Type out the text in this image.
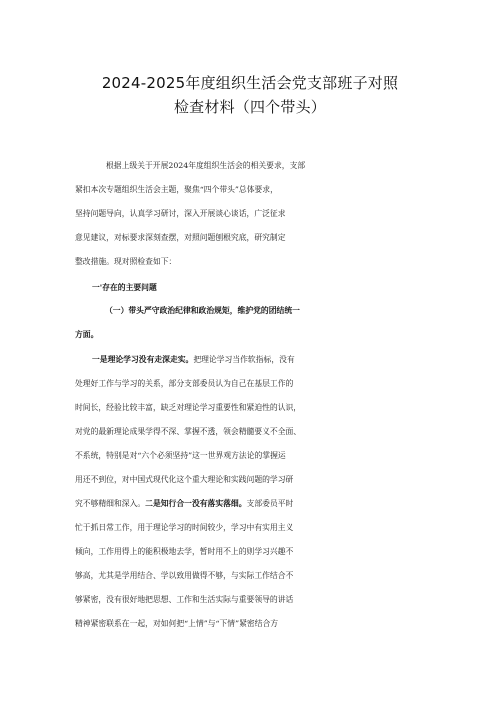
2024-2025年度组织生活会党支部班子对照
检查材料（四个带头）
根据上级关于开展2024年度组织生活会的相关要求，支部
紧扣本次专题组织生活会主题，聚焦“四个带头”总体要求，
坚持问题导向，认真学习研讨，深入开展谈心谈话，广泛征求
意见建议，对标要求深刻查摆，对照问题刨根究底，研究制定
整改措施。现对照检查如下：
一'存在的主要问题
（一）带头严守政治纪律和政治规矩，维护党的团结统一
方面。
一是理论学习没有走深走实。把理论学习当作软指标，没有
处理好工作与学习的关系，部分支部委员认为自己在基层工作的
时间长，经验比较丰富，缺乏对理论学习重要性和紧迫性的认识，
对党的最新理论成果学得不深、掌握不透，领会精髓要义不全面、
不系统，特别是对“六个必须坚持”这一世界观方法论的掌握运
用还不到位，对中国式现代化这个重大理论和实践问题的学习研
究不够精细和深入。二是知行合一没有落实落细。支部委员平时
忙于抓日常工作，用于理论学习的时间较少，学习中有实用主义
倾向，工作用得上的能积极地去学，暂时用不上的则学习兴趣不
够高，尤其是学用结合、学以致用做得不够，与实际工作结合不
够紧密，没有很好地把思想、工作和生活实际与重要领导的讲话
精神紧密联系在一起，对如何把“上情”与“下情”紧密结合方
